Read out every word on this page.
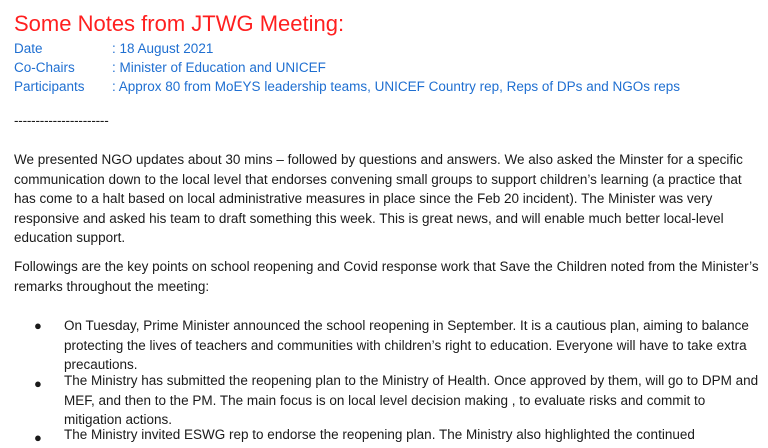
Some Notes from JTWG Meeting:
Date	: 18 August 2021
Co-Chairs	: Minister of Education and UNICEF
Participants : Approx 80 from MoEYS leadership teams, UNICEF Country rep, Reps of DPs and NGOs reps
----------------------

We presented NGO updates about 30 mins – followed by questions and answers. We also asked the Minster for a specific communication down to the local level that endorses convening small groups to support children’s learning (a practice that has come to a halt based on local administrative measures in place since the Feb 20 incident). The Minister was very responsive and asked his team to draft something this week. This is great news, and will enable much better local-level education support.

Followings are the key points on school reopening and Covid response work that Save the Children noted from the Minister’s remarks throughout the meeting:

● On Tuesday, Prime Minister announced the school reopening in September. It is a cautious plan, aiming to balance protecting the lives of teachers and communities with children’s right to education. Everyone will have to take extra precautions.

● The Ministry has submitted the reopening plan to the Ministry of Health. Once approved by them, will go to DPM and MEF, and then to the PM. The main focus is on local level decision making , to evaluate risks and commit to mitigation actions.

● The Ministry invited ESWG rep to endorse the reopening plan. The Ministry also highlighted the continued
